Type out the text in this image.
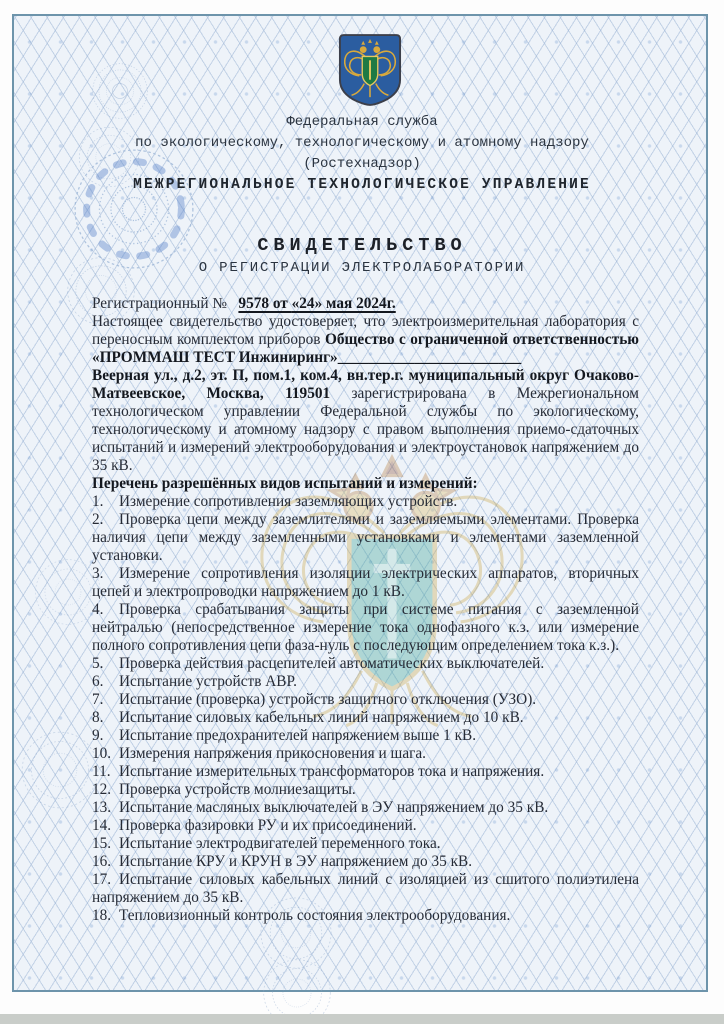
Федеральная служба
по экологическому, технологическому и атомному надзору
(Ростехнадзор)
МЕЖРЕГИОНАЛЬНОЕ ТЕХНОЛОГИЧЕСКОЕ УПРАВЛЕНИЕ
СВИДЕТЕЛЬСТВО
О РЕГИСТРАЦИИ ЭЛЕКТРОЛАБОРАТОРИИ

Регистрационный № 9578 от «24» мая 2024г.

Настоящее свидетельство удостоверяет, что электроизмерительная лаборатория с переносным комплектом приборов Общество с ограниченной ответственностью «ПРОММАШ ТЕСТ Инжиниринг»________________________

Веерная ул., д.2, эт. П, пом.1, ком.4, вн.тер.г. муниципальный округ Очаково-Матвеевское, Москва, 119501 зарегистрирована в Межрегиональном технологическом управлении Федеральной службы по экологическому, технологическому и атомному надзору с правом выполнения приемо-сдаточных испытаний и измерений электрооборудования и электроустановок напряжением до 35 кВ.

Перечень разрешённых видов испытаний и измерений:

1. Измерение сопротивления заземляющих устройств.
2. Проверка цепи между заземлителями и заземляемыми элементами. Проверка наличия цепи между заземленными установками и элементами заземленной установки.
3. Измерение сопротивления изоляции электрических аппаратов, вторичных цепей и электропроводки напряжением до 1 кВ.
4. Проверка срабатывания защиты при системе питания с заземленной нейтралью (непосредственное измерение тока однофазного к.з. или измерение полного сопротивления цепи фаза-нуль с последующим определением тока к.з.).
5. Проверка действия расцепителей автоматических выключателей.
6. Испытание устройств АВР.
7. Испытание (проверка) устройств защитного отключения (УЗО).
8. Испытание силовых кабельных линий напряжением до 10 кВ.
9. Испытание предохранителей напряжением выше 1 кВ.
10. Измерения напряжения прикосновения и шага.
11. Испытание измерительных трансформаторов тока и напряжения.
12. Проверка устройств молниезащиты.
13. Испытание масляных выключателей в ЭУ напряжением до 35 кВ.
14. Проверка фазировки РУ и их присоединений.
15. Испытание электродвигателей переменного тока.
16. Испытание КРУ и КРУН в ЭУ напряжением до 35 кВ.
17. Испытание силовых кабельных линий с изоляцией из сшитого полиэтилена напряжением до 35 кВ.
18. Тепловизионный контроль состояния электрооборудования.
